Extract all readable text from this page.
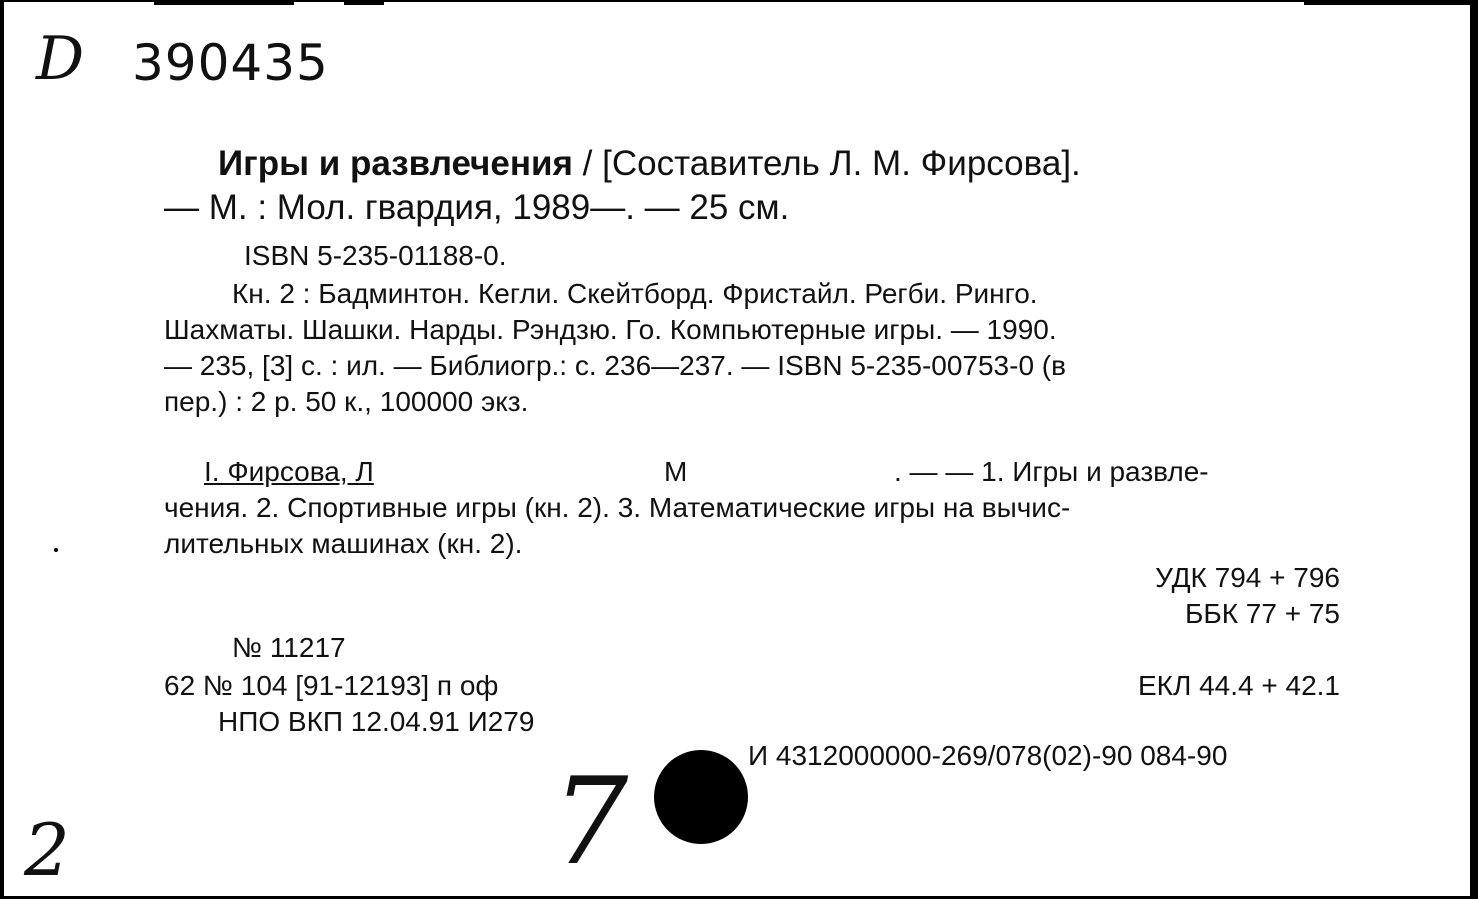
D 390435
Игры и развлечения / [Составитель Л. М. Фирсова].
— М. : Мол. гвардия, 1989—. — 25 см.
ISBN 5-235-01188-0.
Кн. 2 : Бадминтон. Кегли. Скейтборд. Фристайл. Регби. Ринго.
Шахматы. Шашки. Нарды. Рэндзю. Го. Компьютерные игры. — 1990.
— 235, [3] с. : ил. — Библиогр.: с. 236—237. — ISBN 5-235-00753-0 (в
пер.) : 2 р. 50 к., 100000 экз.
I. Фирсова, Л	М	. — — 1. Игры и развле-
чения. 2. Спортивные игры (кн. 2). 3. Математические игры на вычис-
лительных машинах (кн. 2).
УДК 794 + 796
ББК 77 + 75
№ 11217
62 № 104 [91-12193] п оф
НПО ВКП 12.04.91 И279
ЕКЛ 44.4 + 42.1
И 4312000000-269/078(02)-90 084-90
7
2
